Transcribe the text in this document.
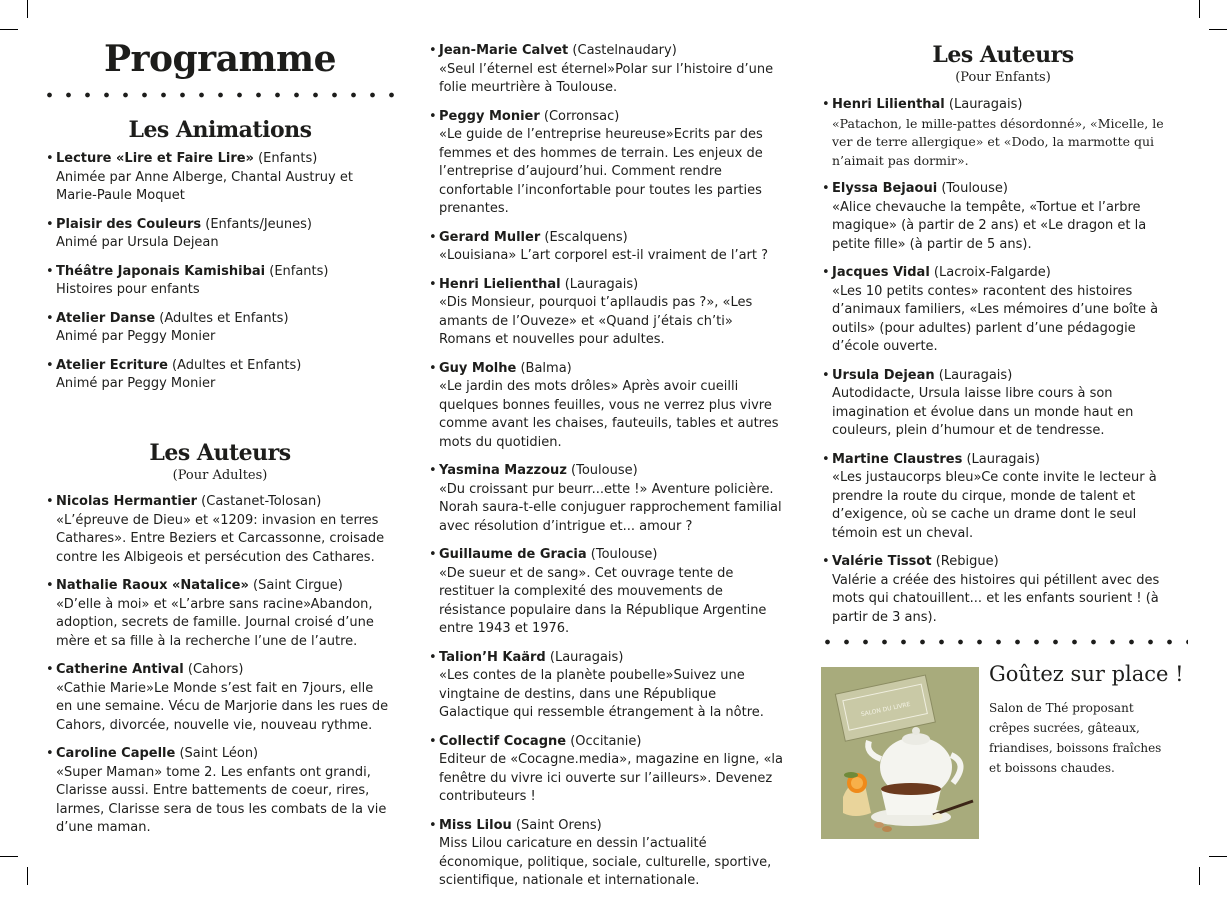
Programme
Les Animations
• Lecture «Lire et Faire Lire» (Enfants)
Animée par Anne Alberge, Chantal Austruy et Marie-Paule Moquet
• Plaisir des Couleurs (Enfants/Jeunes)
Animé par Ursula Dejean
• Théâtre Japonais Kamishibai (Enfants)
Histoires pour enfants
• Atelier Danse (Adultes et Enfants)
Animé par Peggy Monier
• Atelier Ecriture (Adultes et Enfants)
Animé par Peggy Monier
Les Auteurs
(Pour Adultes)
• Nicolas Hermantier (Castanet-Tolosan)
«L’épreuve de Dieu» et «1209: invasion en terres Cathares». Entre Beziers et Carcassonne, croisade contre les Albigeois et persécution des Cathares.
• Nathalie Raoux «Natalice» (Saint Cirgue)
«D’elle à moi» et «L’arbre sans racine»Abandon, adoption, secrets de famille. Journal croisé d’une mère et sa fille à la recherche l’une de l’autre.
• Catherine Antival (Cahors)
«Cathie Marie»Le Monde s’est fait en 7jours, elle en une semaine. Vécu de Marjorie dans les rues de Cahors, divorcée, nouvelle vie, nouveau rythme.
• Caroline Capelle (Saint Léon)
«Super Maman» tome 2. Les enfants ont grandi, Clarisse aussi. Entre battements de coeur, rires, larmes, Clarisse sera de tous les combats de la vie d’une maman.
• Jean-Marie Calvet (Castelnaudary)
«Seul l’éternel est éternel»Polar sur l’histoire d’une folie meurtrière à Toulouse.
• Peggy Monier (Corronsac)
«Le guide de l’entreprise heureuse»Ecrits par des femmes et des hommes de terrain. Les enjeux de l’entreprise d’aujourd’hui. Comment rendre confortable l’inconfortable pour toutes les parties prenantes.
• Gerard Muller (Escalquens)
«Louisiana» L’art corporel est-il vraiment de l’art ?
• Henri Lielienthal (Lauragais)
«Dis Monsieur, pourquoi t’apllaudis pas ?», «Les amants de l’Ouveze» et «Quand j’étais ch’ti» Romans et nouvelles pour adultes.
• Guy Molhe (Balma)
«Le jardin des mots drôles» Après avoir cueilli quelques bonnes feuilles, vous ne verrez plus vivre comme avant les chaises, fauteuils, tables et autres mots du quotidien.
• Yasmina Mazzouz (Toulouse)
«Du croissant pur beurr...ette !» Aventure policière. Norah saura-t-elle conjuguer rapprochement familial avec résolution d’intrigue et... amour ?
• Guillaume de Gracia (Toulouse)
«De sueur et de sang». Cet ouvrage tente de restituer la complexité des mouvements de résistance populaire dans la République Argentine entre 1943 et 1976.
• Talion’H Kaärd (Lauragais)
«Les contes de la planète poubelle»Suivez une vingtaine de destins, dans une République Galactique qui ressemble étrangement à la nôtre.
• Collectif Cocagne (Occitanie)
Editeur de «Cocagne.media», magazine en ligne, «la fenêtre du vivre ici ouverte sur l’ailleurs». Devenez contributeurs !
• Miss Lilou (Saint Orens)
Miss Lilou caricature en dessin l’actualité économique, politique, sociale, culturelle, sportive, scientifique, nationale et internationale.
Les Auteurs
(Pour Enfants)
• Henri Lilienthal (Lauragais)
«Patachon, le mille-pattes désordonné», «Micelle, le ver de terre allergique» et «Dodo, la marmotte qui n’aimait pas dormir».
• Elyssa Bejaoui (Toulouse)
«Alice chevauche la tempête, «Tortue et l’arbre magique» (à partir de 2 ans) et «Le dragon et la petite fille» (à partir de 5 ans).
• Jacques Vidal (Lacroix-Falgarde)
«Les 10 petits contes» racontent des histoires d’animaux familiers, «Les mémoires d’une boîte à outils» (pour adultes) parlent d’une pédagogie d’école ouverte.
• Ursula Dejean (Lauragais)
Autodidacte, Ursula laisse libre cours à son imagination et évolue dans un monde haut en couleurs, plein d’humour et de tendresse.
• Martine Claustres (Lauragais)
«Les justaucorps bleu»Ce conte invite le lecteur à prendre la route du cirque, monde de talent et d’exigence, où se cache un drame dont le seul témoin est un cheval.
• Valérie Tissot (Rebigue)
Valérie a créée des histoires qui pétillent avec des mots qui chatouillent... et les enfants sourient ! (à partir de 3 ans).
SALON DU LIVRE
Goûtez sur place !
Salon de Thé proposant crêpes sucrées, gâteaux, friandises, boissons fraîches et boissons chaudes.
